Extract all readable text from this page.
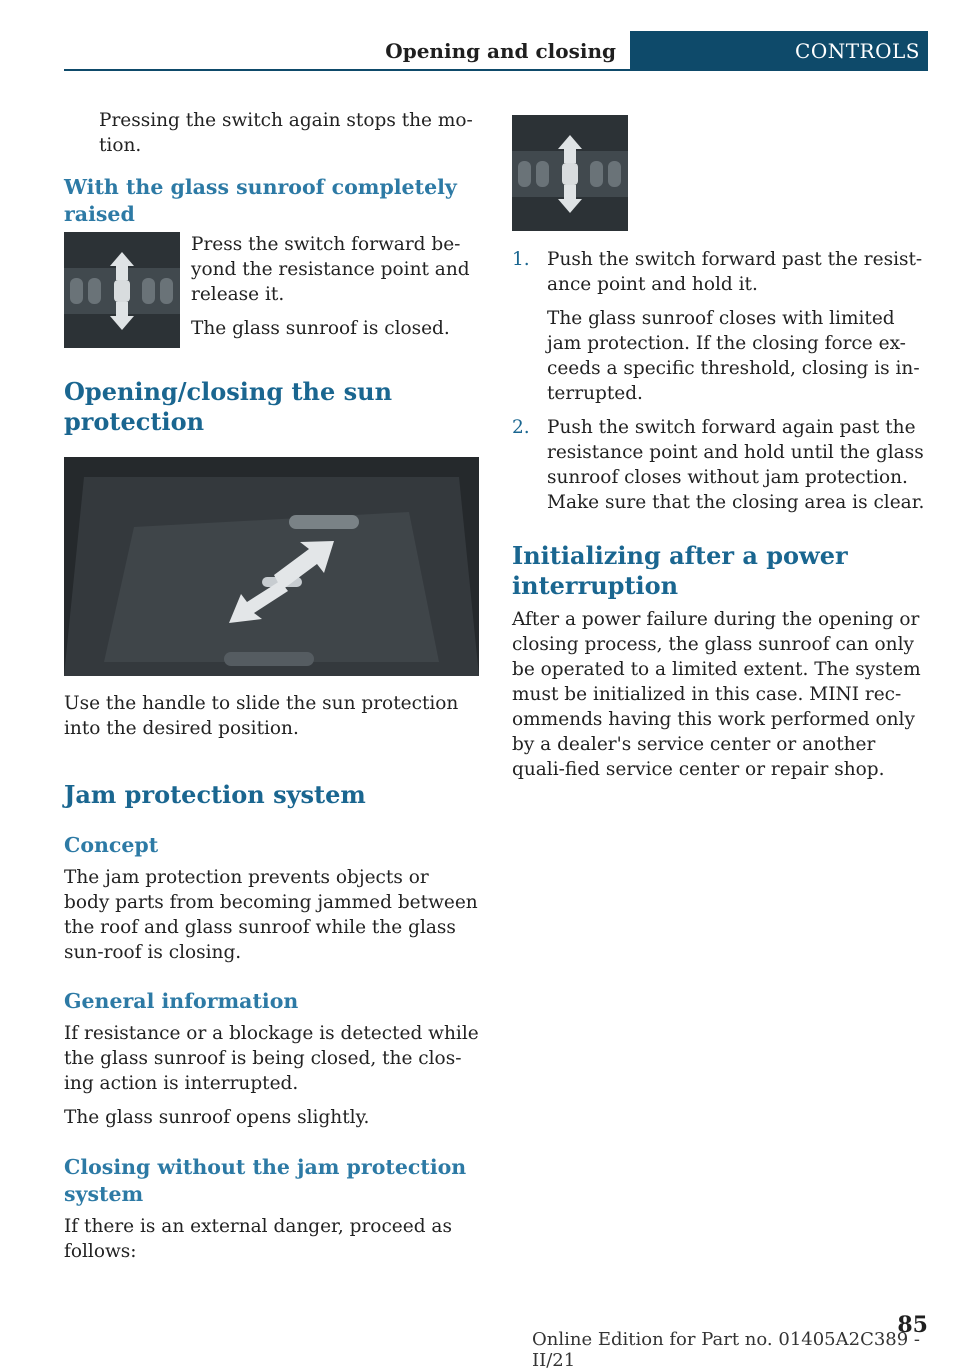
Opening and closing	CONTROLS

Pressing the switch again stops the mo-tion.

With the glass sunroof completely raised

Press the switch forward be-yond the resistance point and release it.

The glass sunroof is closed.

Opening/closing the sun protection

Use the handle to slide the sun protection into the desired position.

Jam protection system
Concept

The jam protection prevents objects or body parts from becoming jammed between the roof and glass sunroof while the glass sun-roof is closing.

General information

If resistance or a blockage is detected while the glass sunroof is being closed, the clos-ing action is interrupted.

The glass sunroof opens slightly.

Closing without the jam protection system

If there is an external danger, proceed as follows:

1. Push the switch forward past the resist-ance point and hold it.

The glass sunroof closes with limited jam protection. If the closing force ex-ceeds a specific threshold, closing is in-terrupted.

2. Push the switch forward again past the resistance point and hold until the glass sunroof closes without jam protection. Make sure that the closing area is clear.

Initializing after a power interruption

After a power failure during the opening or closing process, the glass sunroof can only be operated to a limited extent. The system must be initialized in this case. MINI rec-ommends having this work performed only by a dealer's service center or another quali-fied service center or repair shop.

Online Edition for Part no. 01405A2C389 - II/21
85
